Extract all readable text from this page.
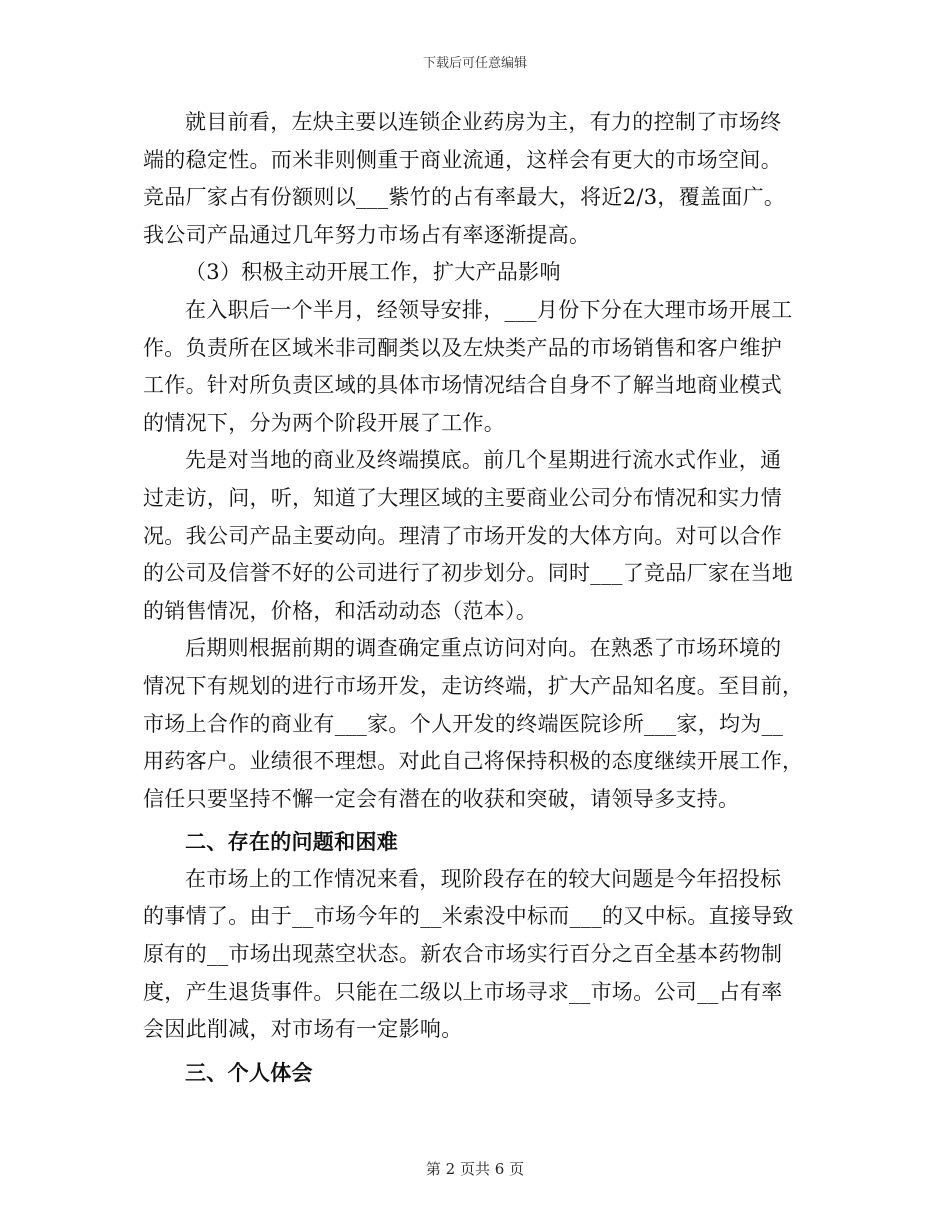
下载后可任意编辑
就目前看，左炔主要以连锁企业药房为主，有力的控制了市场终
端的稳定性。而米非则侧重于商业流通，这样会有更大的市场空间。
竞品厂家占有份额则以___紫竹的占有率最大，将近2/3，覆盖面广。
我公司产品通过几年努力市场占有率逐渐提高。
（3）积极主动开展工作，扩大产品影响
在入职后一个半月，经领导安排，___月份下分在大理市场开展工
作。负责所在区域米非司酮类以及左炔类产品的市场销售和客户维护
工作。针对所负责区域的具体市场情况结合自身不了解当地商业模式
的情况下，分为两个阶段开展了工作。
先是对当地的商业及终端摸底。前几个星期进行流水式作业，通
过走访，问，听，知道了大理区域的主要商业公司分布情况和实力情
况。我公司产品主要动向。理清了市场开发的大体方向。对可以合作
的公司及信誉不好的公司进行了初步划分。同时___了竞品厂家在当地
的销售情况，价格，和活动动态（范本）。
后期则根据前期的调查确定重点访问对向。在熟悉了市场环境的
情况下有规划的进行市场开发，走访终端，扩大产品知名度。至目前，
市场上合作的商业有___家。个人开发的终端医院诊所___家，均为__
用药客户。业绩很不理想。对此自己将保持积极的态度继续开展工作，
信任只要坚持不懈一定会有潜在的收获和突破，请领导多支持。
二、存在的问题和困难
在市场上的工作情况来看，现阶段存在的较大问题是今年招投标
的事情了。由于__市场今年的__米索没中标而___的又中标。直接导致
原有的__市场出现蒸空状态。新农合市场实行百分之百全基本药物制
度，产生退货事件。只能在二级以上市场寻求__市场。公司__占有率
会因此削减，对市场有一定影响。
三、个人体会
第 2 页共 6 页
